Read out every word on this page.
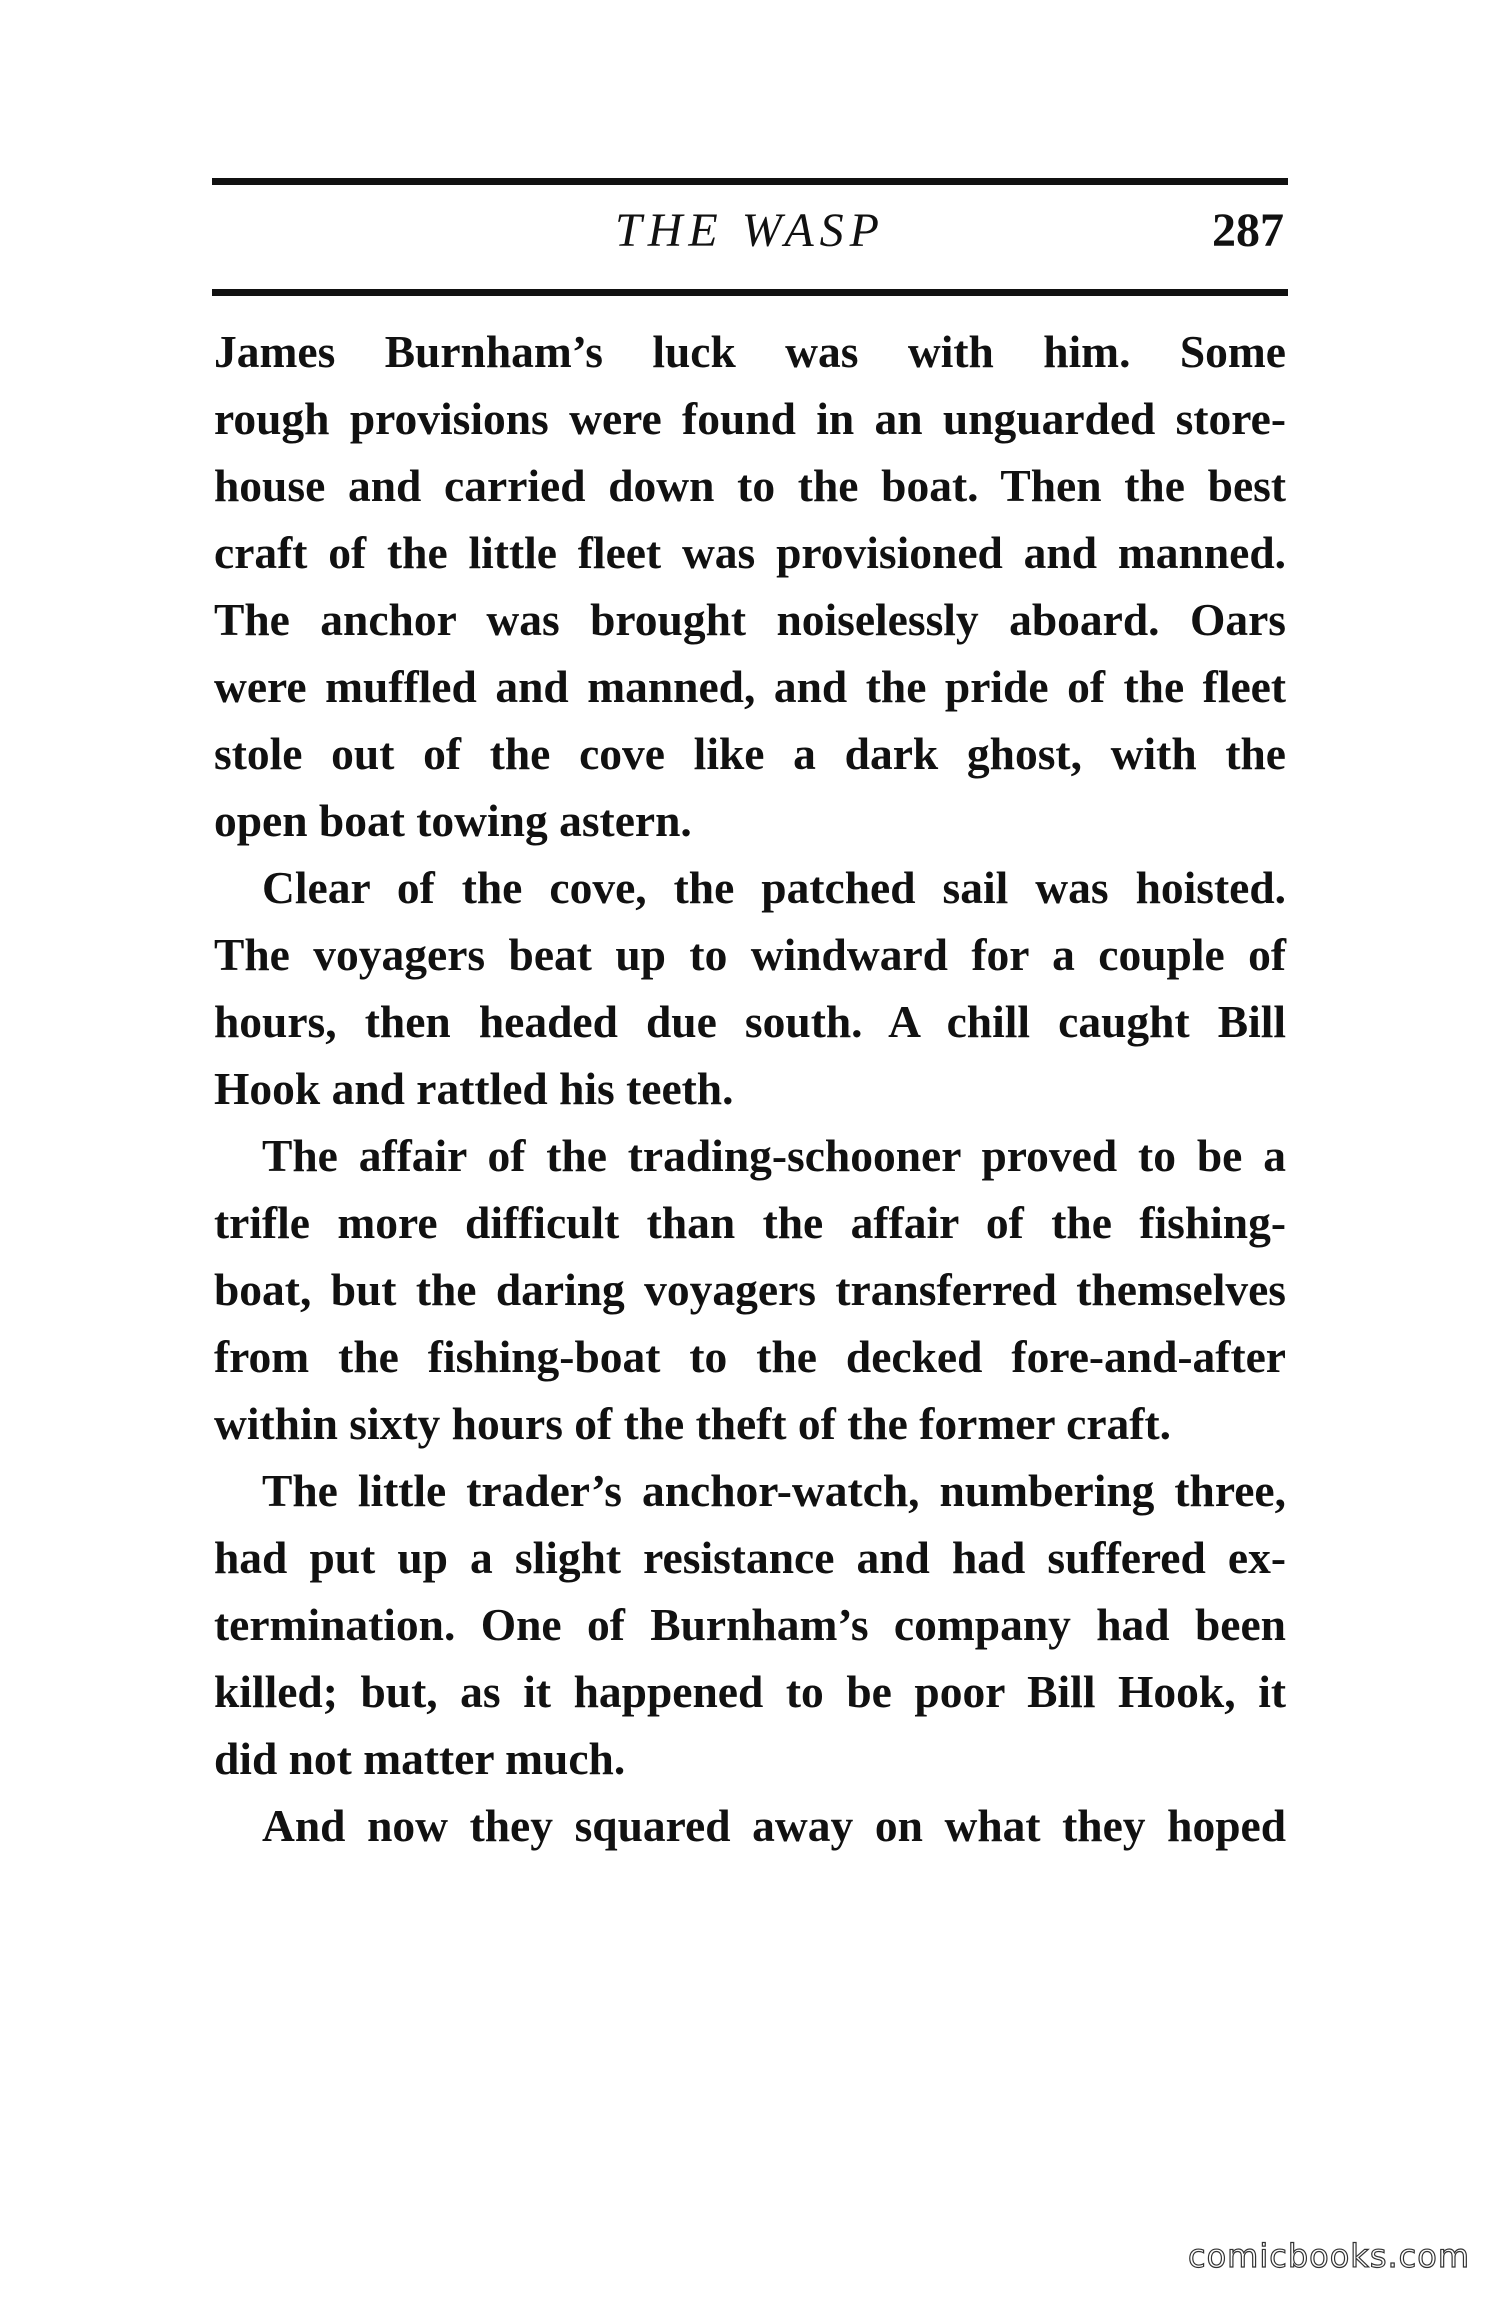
THE WASP	287
James Burnham’s luck was with him. Some
rough provisions were found in an unguarded store-
house and carried down to the boat. Then the best
craft of the little fleet was provisioned and manned.
The anchor was brought noiselessly aboard. Oars
were muffled and manned, and the pride of the fleet
stole out of the cove like a dark ghost, with the
open boat towing astern.
Clear of the cove, the patched sail was hoisted.
The voyagers beat up to windward for a couple of
hours, then headed due south. A chill caught Bill
Hook and rattled his teeth.
The affair of the trading-schooner proved to be a
trifle more difficult than the affair of the fishing-
boat, but the daring voyagers transferred themselves
from the fishing-boat to the decked fore-and-after
within sixty hours of the theft of the former craft.
The little trader’s anchor-watch, numbering three,
had put up a slight resistance and had suffered ex-
termination. One of Burnham’s company had been
killed; but, as it happened to be poor Bill Hook, it
did not matter much.
And now they squared away on what they hoped
comicbooks.com
